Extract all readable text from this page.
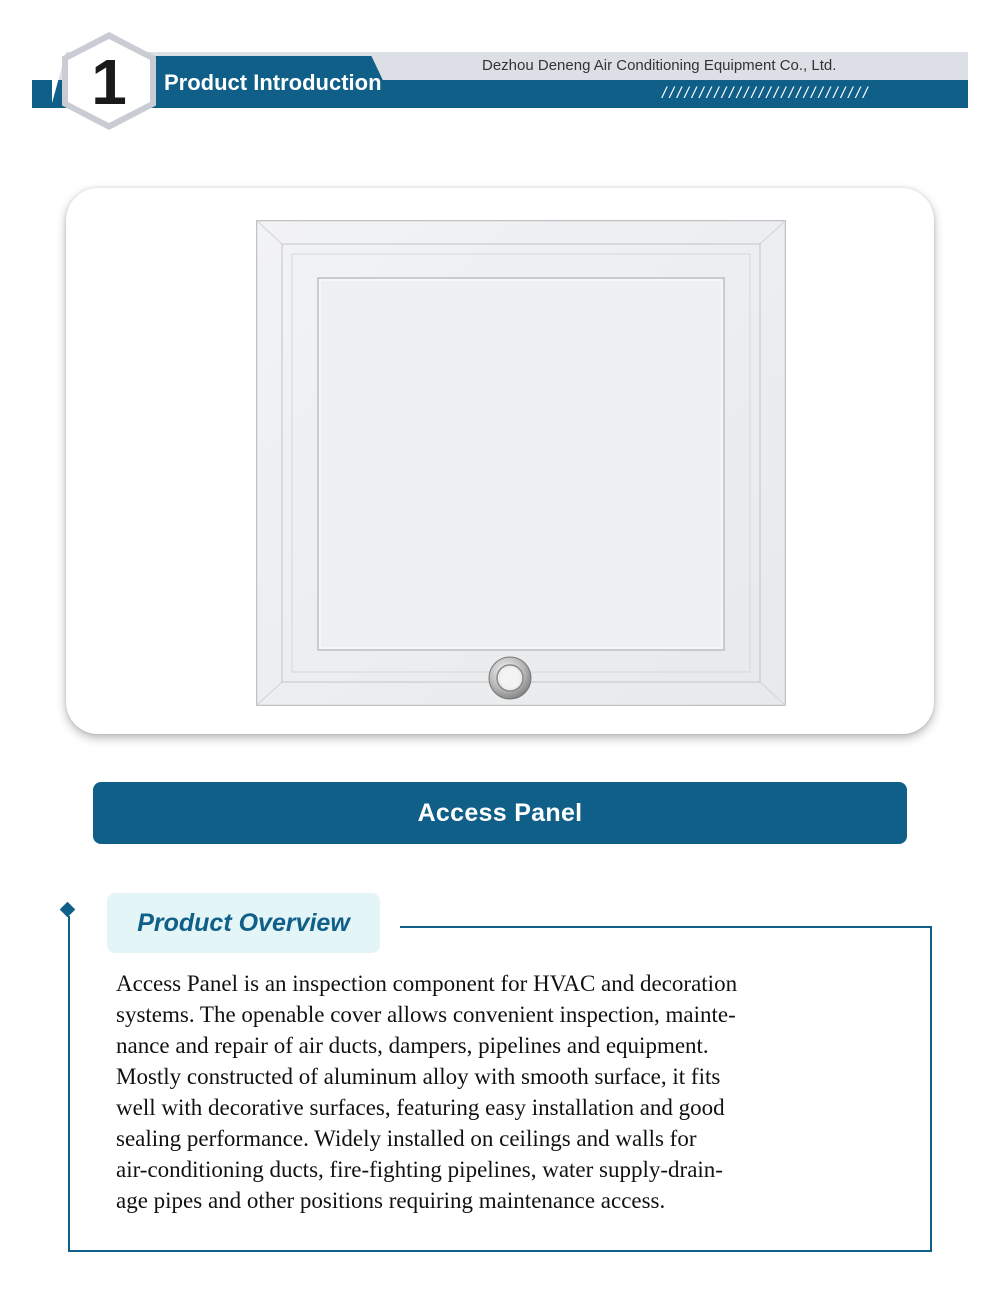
Product Introduction
Dezhou Deneng Air Conditioning Equipment Co., Ltd.
////////////////////////////
1
Access Panel
Product Overview
Access Panel is an inspection component for HVAC and decoration
systems. The openable cover allows convenient inspection, mainte-
nance and repair of air ducts, dampers, pipelines and equipment.
Mostly constructed of aluminum alloy with smooth surface, it fits
well with decorative surfaces, featuring easy installation and good
sealing performance. Widely installed on ceilings and walls for
air-conditioning ducts, fire-fighting pipelines, water supply-drain-
age pipes and other positions requiring maintenance access.
